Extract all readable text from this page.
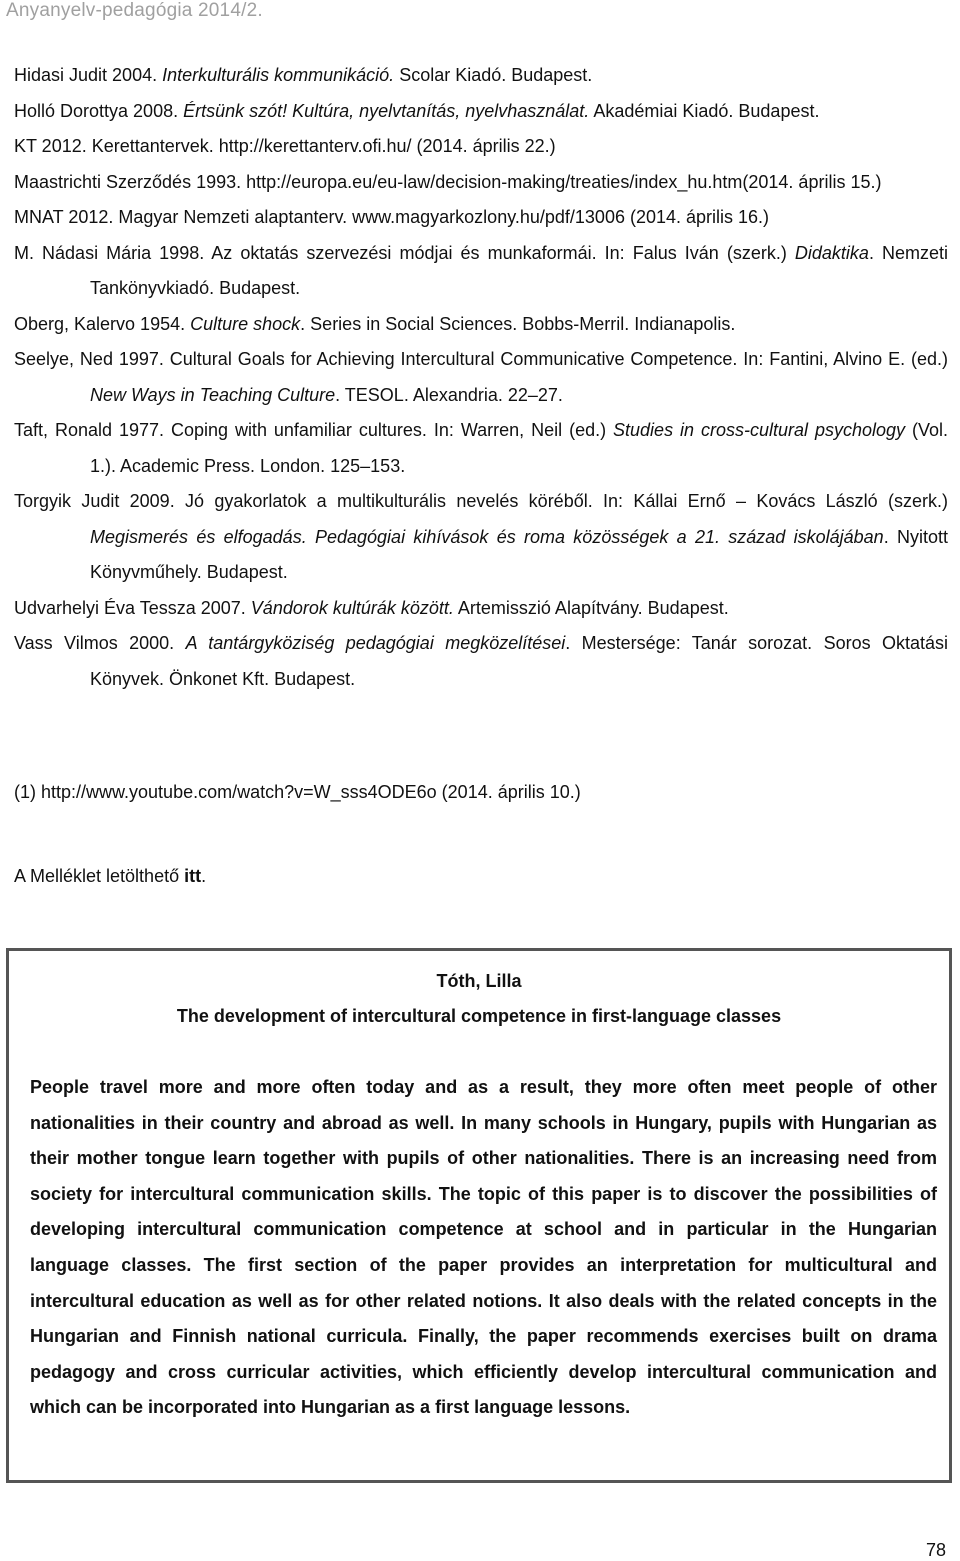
Anyanyelv-pedagógia 2014/2.
Hidasi Judit 2004. Interkulturális kommunikáció. Scolar Kiadó. Budapest.
Holló Dorottya 2008. Értsünk szót! Kultúra, nyelvtanítás, nyelvhasználat. Akadémiai Kiadó. Budapest.
KT 2012. Kerettantervek. http://kerettanterv.ofi.hu/ (2014. április 22.)
Maastrichti Szerződés 1993. http://europa.eu/eu-law/decision-making/treaties/index_hu.htm(2014. április 15.)
MNAT 2012. Magyar Nemzeti alaptanterv. www.magyarkozlony.hu/pdf/13006 (2014. április 16.)
M. Nádasi Mária 1998. Az oktatás szervezési módjai és munkaformái. In: Falus Iván (szerk.) Didaktika. Nemzeti Tankönyvkiadó. Budapest.
Oberg, Kalervo 1954. Culture shock. Series in Social Sciences. Bobbs-Merril. Indianapolis.
Seelye, Ned 1997. Cultural Goals for Achieving Intercultural Communicative Competence. In: Fantini, Alvino E. (ed.) New Ways in Teaching Culture. TESOL. Alexandria. 22–27.
Taft, Ronald 1977. Coping with unfamiliar cultures. In: Warren, Neil (ed.) Studies in cross-cultural psychology (Vol. 1.). Academic Press. London. 125–153.
Torgyik Judit 2009. Jó gyakorlatok a multikulturális nevelés köréből. In: Kállai Ernő – Kovács László (szerk.) Megismerés és elfogadás. Pedagógiai kihívások és roma közösségek a 21. század iskolájában. Nyitott Könyvműhely. Budapest.
Udvarhelyi Éva Tessza 2007. Vándorok kultúrák között. Artemisszió Alapítvány. Budapest.
Vass Vilmos 2000. A tantárgyköziség pedagógiai megközelítései. Mestersége: Tanár sorozat. Soros Oktatási Könyvek. Önkonet Kft. Budapest.
(1) http://www.youtube.com/watch?v=W_sss4ODE6o (2014. április 10.)
A Melléklet letölthető itt.
Tóth, Lilla
The development of intercultural competence in first-language classes
People travel more and more often today and as a result, they more often meet people of other nationalities in their country and abroad as well. In many schools in Hungary, pupils with Hungarian as their mother tongue learn together with pupils of other nationalities. There is an increasing need from society for intercultural communication skills. The topic of this paper is to discover the possibilities of developing intercultural communication competence at school and in particular in the Hungarian language classes. The first section of the paper provides an interpretation for multicultural and intercultural education as well as for other related notions. It also deals with the related concepts in the Hungarian and Finnish national curricula. Finally, the paper recommends exercises built on drama pedagogy and cross curricular activities, which efficiently develop intercultural communication and which can be incorporated into Hungarian as a first language lessons.
78
